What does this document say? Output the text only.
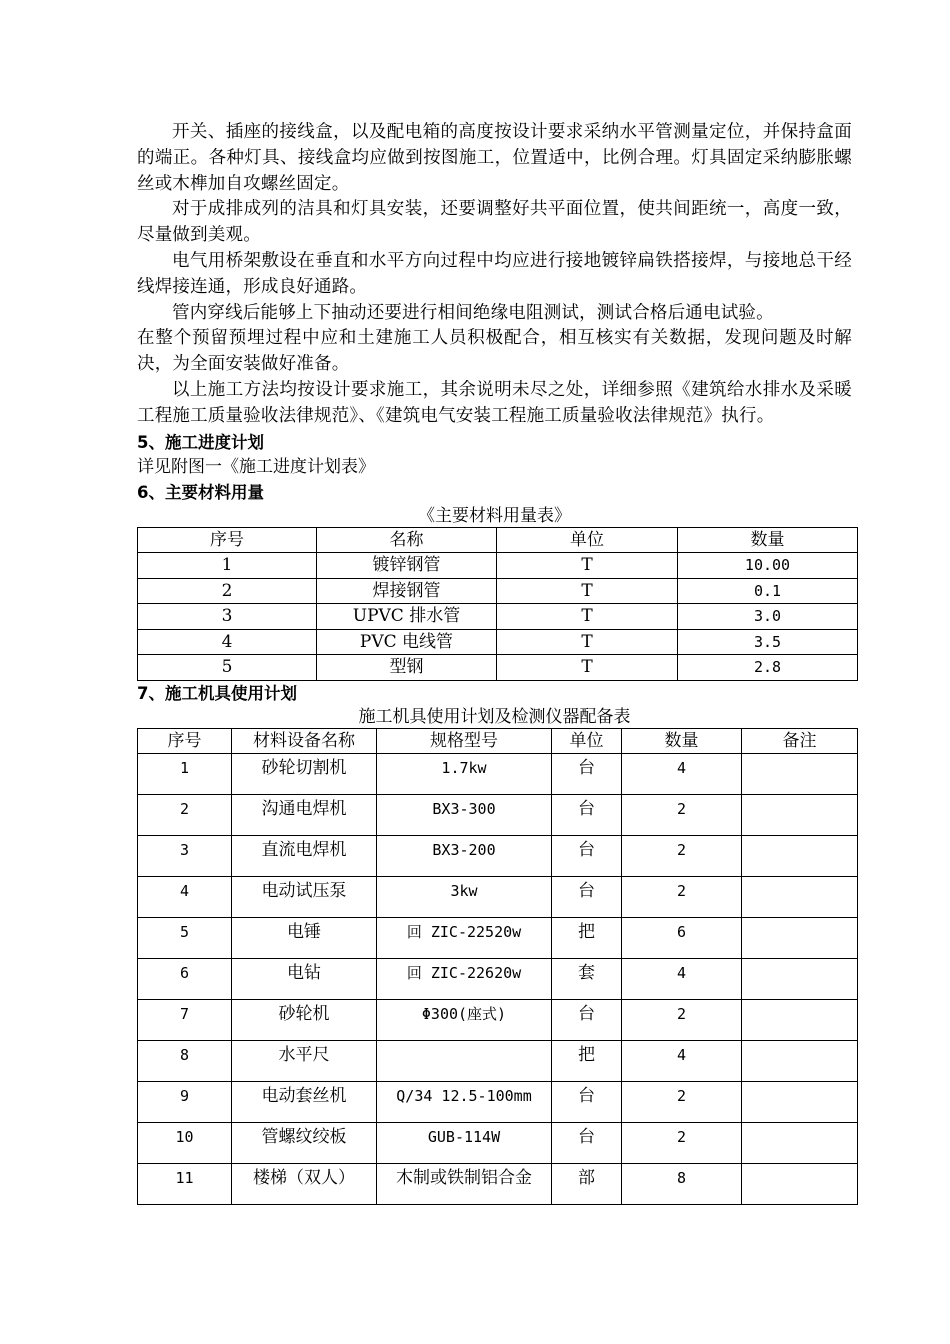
开关、插座的接线盒，以及配电箱的高度按设计要求采纳水平管测量定位，并保持盒面的端正。各种灯具、接线盒均应做到按图施工，位置适中，比例合理。灯具固定采纳膨胀螺丝或木榫加自攻螺丝固定。

对于成排成列的洁具和灯具安装，还要调整好共平面位置，使共间距统一，高度一致，尽量做到美观。

电气用桥架敷设在垂直和水平方向过程中均应进行接地镀锌扁铁搭接焊，与接地总干经线焊接连通，形成良好通路。

管内穿线后能够上下抽动还要进行相间绝缘电阻测试，测试合格后通电试验。

在整个预留预埋过程中应和土建施工人员积极配合，相互核实有关数据，发现问题及时解决，为全面安装做好准备。

以上施工方法均按设计要求施工，其余说明未尽之处，详细参照《建筑给水排水及采暖工程施工质量验收法律规范》、《建筑电气安装工程施工质量验收法律规范》执行。

5、施工进度计划

详见附图一《施工进度计划表》

6、主要材料用量

《主要材料用量表》

序号	名称	单位	数量
1	镀锌钢管	T	10.00
2	焊接钢管	T	0.1
3	UPVC 排水管	T	3.0
4	PVC 电线管	T	3.5
5	型钢	T	2.8

7、施工机具使用计划

施工机具使用计划及检测仪器配备表

序号	材料设备名称	规格型号	单位	数量	备注
1	砂轮切割机	1.7kw	台	4	
2	沟通电焊机	BX3-300	台	2	
3	直流电焊机	BX3-200	台	2	
4	电动试压泵	3kw	台	2	
5	电锤	回 ZIC-22520w	把	6	
6	电钻	回 ZIC-22620w	套	4	
7	砂轮机	Φ300(座式)	台	2	
8	水平尺		把	4	
9	电动套丝机	Q/34 12.5-100mm	台	2	
10	管螺纹绞板	GUB-114W	台	2	
11	楼梯（双人）	木制或铁制铝合金	部	8	
